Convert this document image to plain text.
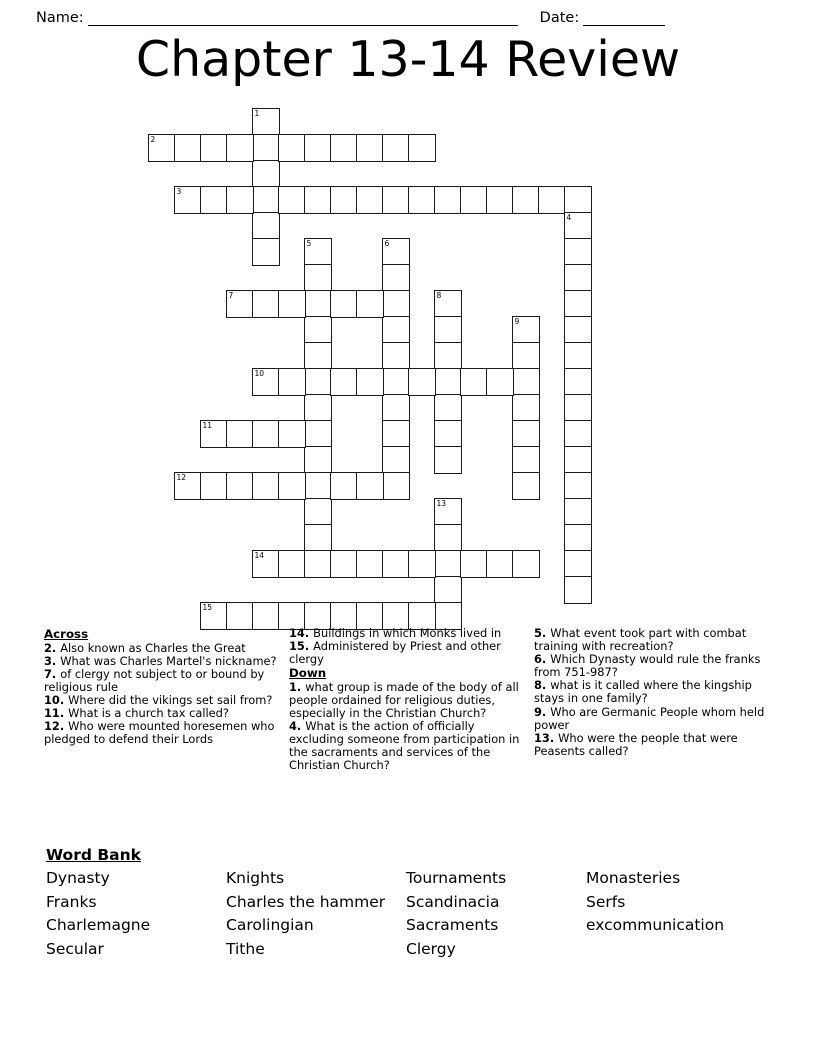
Name:	Date:
Chapter 13-14 Review
1
2
3
4
5	6
7	8
9
10
11
12
13
14
15
Across
2. Also known as Charles the Great
3. What was Charles Martel's nickname?
7. of clergy not subject to or bound by religious rule
10. Where did the vikings set sail from?
11. What is a church tax called?
12. Who were mounted horesemen who pledged to defend their Lords
14. Buildings in which Monks lived in
15. Administered by Priest and other clergy
Down
1. what group is made of the body of all people ordained for religious duties, especially in the Christian Church?
4. What is the action of officially excluding someone from participation in the sacraments and services of the Christian Church?
5. What event took part with combat training with recreation?
6. Which Dynasty would rule the franks from 751-987?
8. what is it called where the kingship stays in one family?
9. Who are Germanic People whom held power
13. Who were the people that were Peasents called?
Word Bank
Dynasty	Knights	Tournaments	Monasteries
Franks	Charles the hammer	Scandinacia	Serfs
Charlemagne	Carolingian	Sacraments	excommunication
Secular	Tithe	Clergy
